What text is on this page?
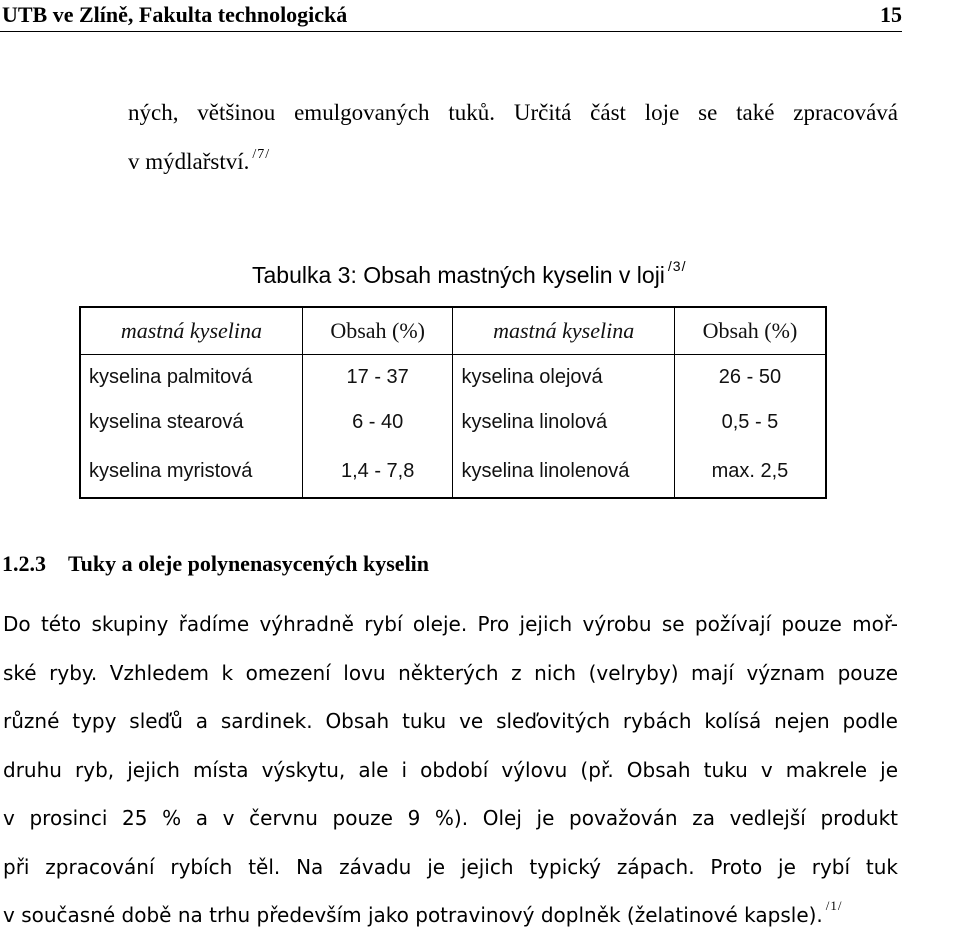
UTB ve Zlíně, Fakulta technologická	15
ných, většinou emulgovaných tuků. Určitá část loje se také zpracovává
v mýdlařství. $^{/7/}$
Tabulka 3: Obsah mastných kyselin v loji $^{/3/}$
mastná kyselina	Obsah (%)	mastná kyselina	Obsah (%)
kyselina palmitová	17 - 37	kyselina olejová	26 - 50
kyselina stearová	6 - 40	kyselina linolová	0,5 - 5
kyselina myristová	1,4 - 7,8	kyselina linolenová	max. 2,5
1.2.3 Tuky a oleje polynenasycených kyselin
Do této skupiny řadíme výhradně rybí oleje. Pro jejich výrobu se požívají pouze moř-
ské ryby. Vzhledem k omezení lovu některých z nich (velryby) mají význam pouze
různé typy sleďů a sardinek. Obsah tuku ve sleďovitých rybách kolísá nejen podle
druhu ryb, jejich místa výskytu, ale i období výlovu (př. Obsah tuku v makrele je
v prosinci 25 % a v červnu pouze 9 %). Olej je považován za vedlejší produkt
při zpracování rybích těl. Na závadu je jejich typický zápach. Proto je rybí tuk
v současné době na trhu především jako potravinový doplněk (želatinové kapsle). $^{/1/}$
